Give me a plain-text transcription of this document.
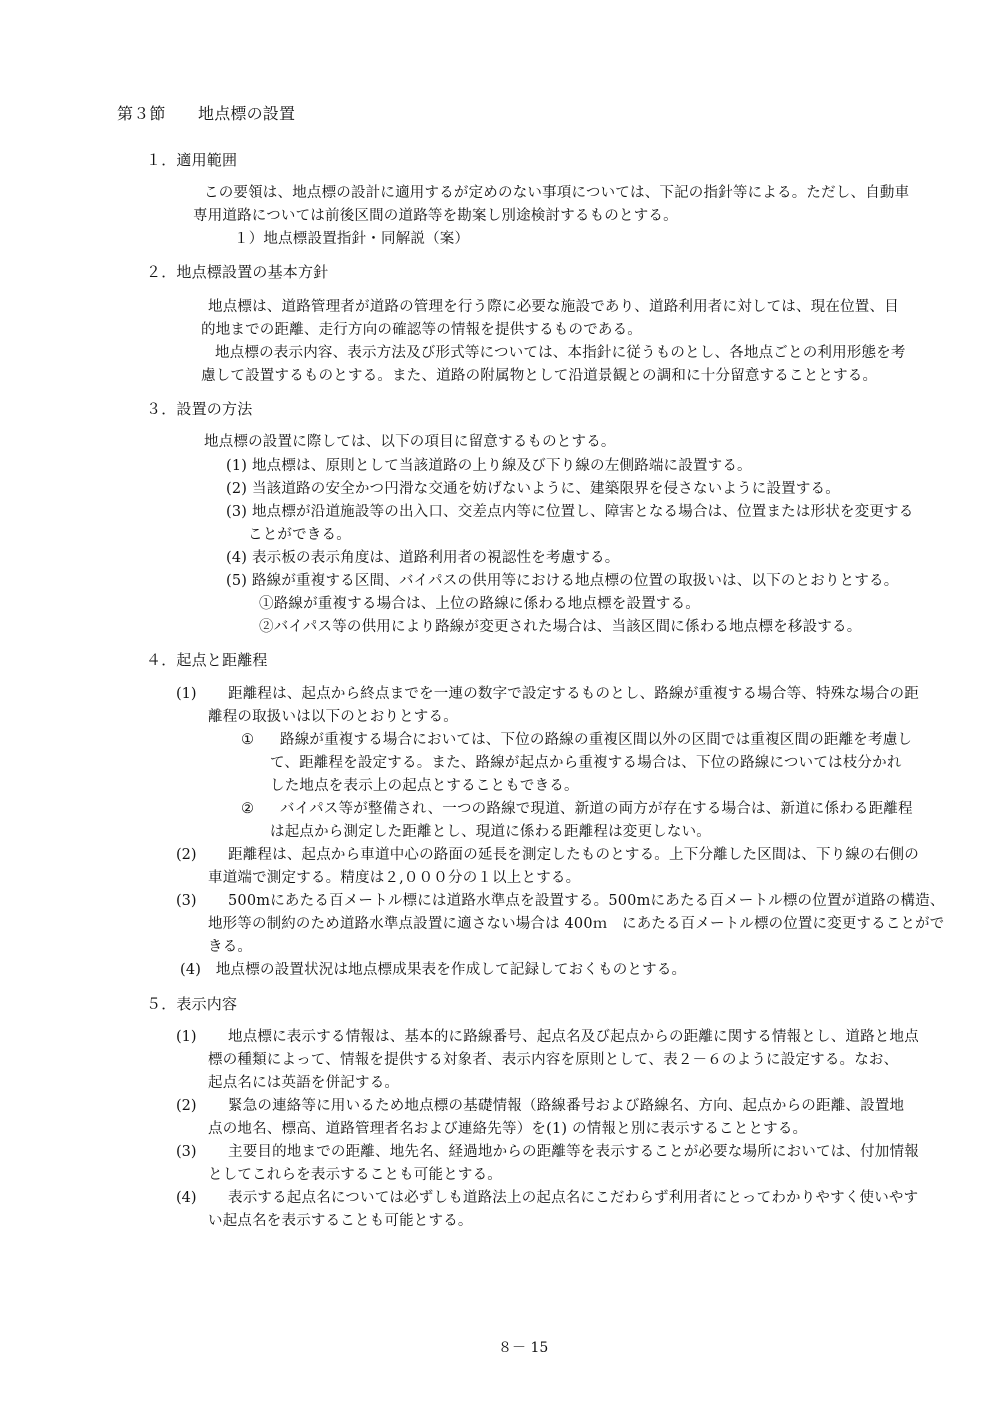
第３節　　地点標の設置
１．適用範囲
この要領は、地点標の設計に適用するが定めのない事項については、下記の指針等による。ただし、自動車
専用道路については前後区間の道路等を勘案し別途検討するものとする。
１）地点標設置指針・同解説（案）
２．地点標設置の基本方針
地点標は、道路管理者が道路の管理を行う際に必要な施設であり、道路利用者に対しては、現在位置、目
的地までの距離、走行方向の確認等の情報を提供するものである。
地点標の表示内容、表示方法及び形式等については、本指針に従うものとし、各地点ごとの利用形態を考
慮して設置するものとする。また、道路の附属物として沿道景観との調和に十分留意することとする。
３．設置の方法
地点標の設置に際しては、以下の項目に留意するものとする。
(1) 地点標は、原則として当該道路の上り線及び下り線の左側路端に設置する。
(2) 当該道路の安全かつ円滑な交通を妨げないように、建築限界を侵さないように設置する。
(3) 地点標が沿道施設等の出入口、交差点内等に位置し、障害となる場合は、位置または形状を変更する
ことができる。
(4) 表示板の表示角度は、道路利用者の視認性を考慮する。
(5) 路線が重複する区間、バイパスの供用等における地点標の位置の取扱いは、以下のとおりとする。
①路線が重複する場合は、上位の路線に係わる地点標を設置する。
②バイパス等の供用により路線が変更された場合は、当該区間に係わる地点標を移設する。
４．起点と距離程
(1) 距離程は、起点から終点までを一連の数字で設定するものとし、路線が重複する場合等、特殊な場合の距
離程の取扱いは以下のとおりとする。
① 路線が重複する場合においては、下位の路線の重複区間以外の区間では重複区間の距離を考慮し
て、距離程を設定する。また、路線が起点から重複する場合は、下位の路線については枝分かれ
した地点を表示上の起点とすることもできる。
② バイパス等が整備され、一つの路線で現道、新道の両方が存在する場合は、新道に係わる距離程
は起点から測定した距離とし、現道に係わる距離程は変更しない。
(2) 距離程は、起点から車道中心の路面の延長を測定したものとする。上下分離した区間は、下り線の右側の
車道端で測定する。精度は２,０００分の１以上とする。
(3) 500mにあたる百メートル標には道路水準点を設置する。500mにあたる百メートル標の位置が道路の構造、
地形等の制約のため道路水準点設置に適さない場合は 400ｍ　にあたる百メートル標の位置に変更することがで
きる。
(4)　地点標の設置状況は地点標成果表を作成して記録しておくものとする。
５．表示内容
(1) 地点標に表示する情報は、基本的に路線番号、起点名及び起点からの距離に関する情報とし、道路と地点
標の種類によって、情報を提供する対象者、表示内容を原則として、表２－６のように設定する。なお、
起点名には英語を併記する。
(2) 緊急の連絡等に用いるため地点標の基礎情報（路線番号および路線名、方向、起点からの距離、設置地
点の地名、標高、道路管理者名および連絡先等）を(1) の情報と別に表示することとする。
(3) 主要目的地までの距離、地先名、経過地からの距離等を表示することが必要な場所においては、付加情報
としてこれらを表示することも可能とする。
(4) 表示する起点名については必ずしも道路法上の起点名にこだわらず利用者にとってわかりやすく使いやす
い起点名を表示することも可能とする。
８－ 15
